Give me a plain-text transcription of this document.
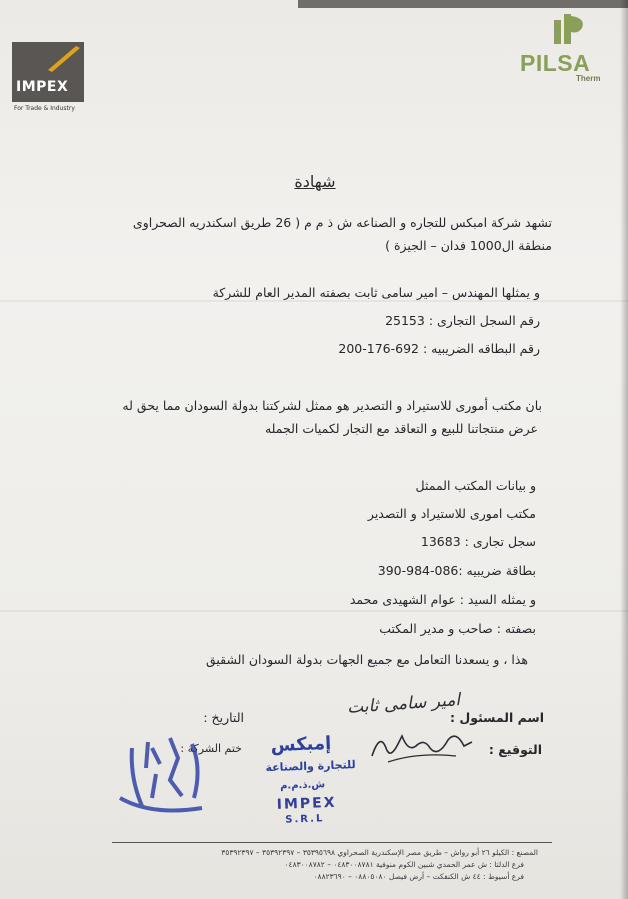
IMPEX
For Trade & Industry
PILSA
Therm
شهادة
تشهد شركة امبكس للتجاره و الصناعه ش ذ م م ( 26 طريق اسكندريه الصحراوى
منطقة ال1000 فدان – الجيزة )
و يمثلها المهندس – امير سامى ثابت بصفته المدير العام للشركة
رقم السجل التجارى : 25153
رقم البطاقه الضريبيه : 692-176-200
بان مكتب أمورى للاستيراد و التصدير هو ممثل لشركتنا بدولة السودان مما يحق له
عرض منتجاتنا للبيع و التعاقد مع التجار لكميات الجمله
و بيانات المكتب الممثل
مكتب امورى للاستيراد و التصدير
سجل تجارى : 13683
بطاقة ضريبيه :086-984-390
و يمثله السيد : عوام الشهيدى محمد
بصفته : صاحب و مدير المكتب
هذا ، و يسعدنا التعامل مع جميع الجهات بدولة السودان الشقيق
اسم المسئول :
التاريخ :
التوقيع :
ختم الشركة :
امير سامى ثابت
إمبكس
للتجارة والصناعة
ش.ذ.م.م
IMPEX
S.R.L
المصنع : الكيلو ٢٦ أبو رواش – طريق مصر الإسكندرية الصحراوي ٣٥٣٩٥٦٩٨ – ٣٥٣٩٢٣٩٧ – ٣٥٣٩٢٣٩٧
فرع الدلتا : ش عمر الحمدي شبين الكوم منوفية ٠٤٨٣٠٠٨٧٨١ – ٠٤٨٣٠٠٨٧٨٢
فرع أسيوط : ٤٤ ش الكنفكت – أرض فيصل ٠٨٨٠٥٠٨٠ – ٠٨٨٢٣٦٩٠
